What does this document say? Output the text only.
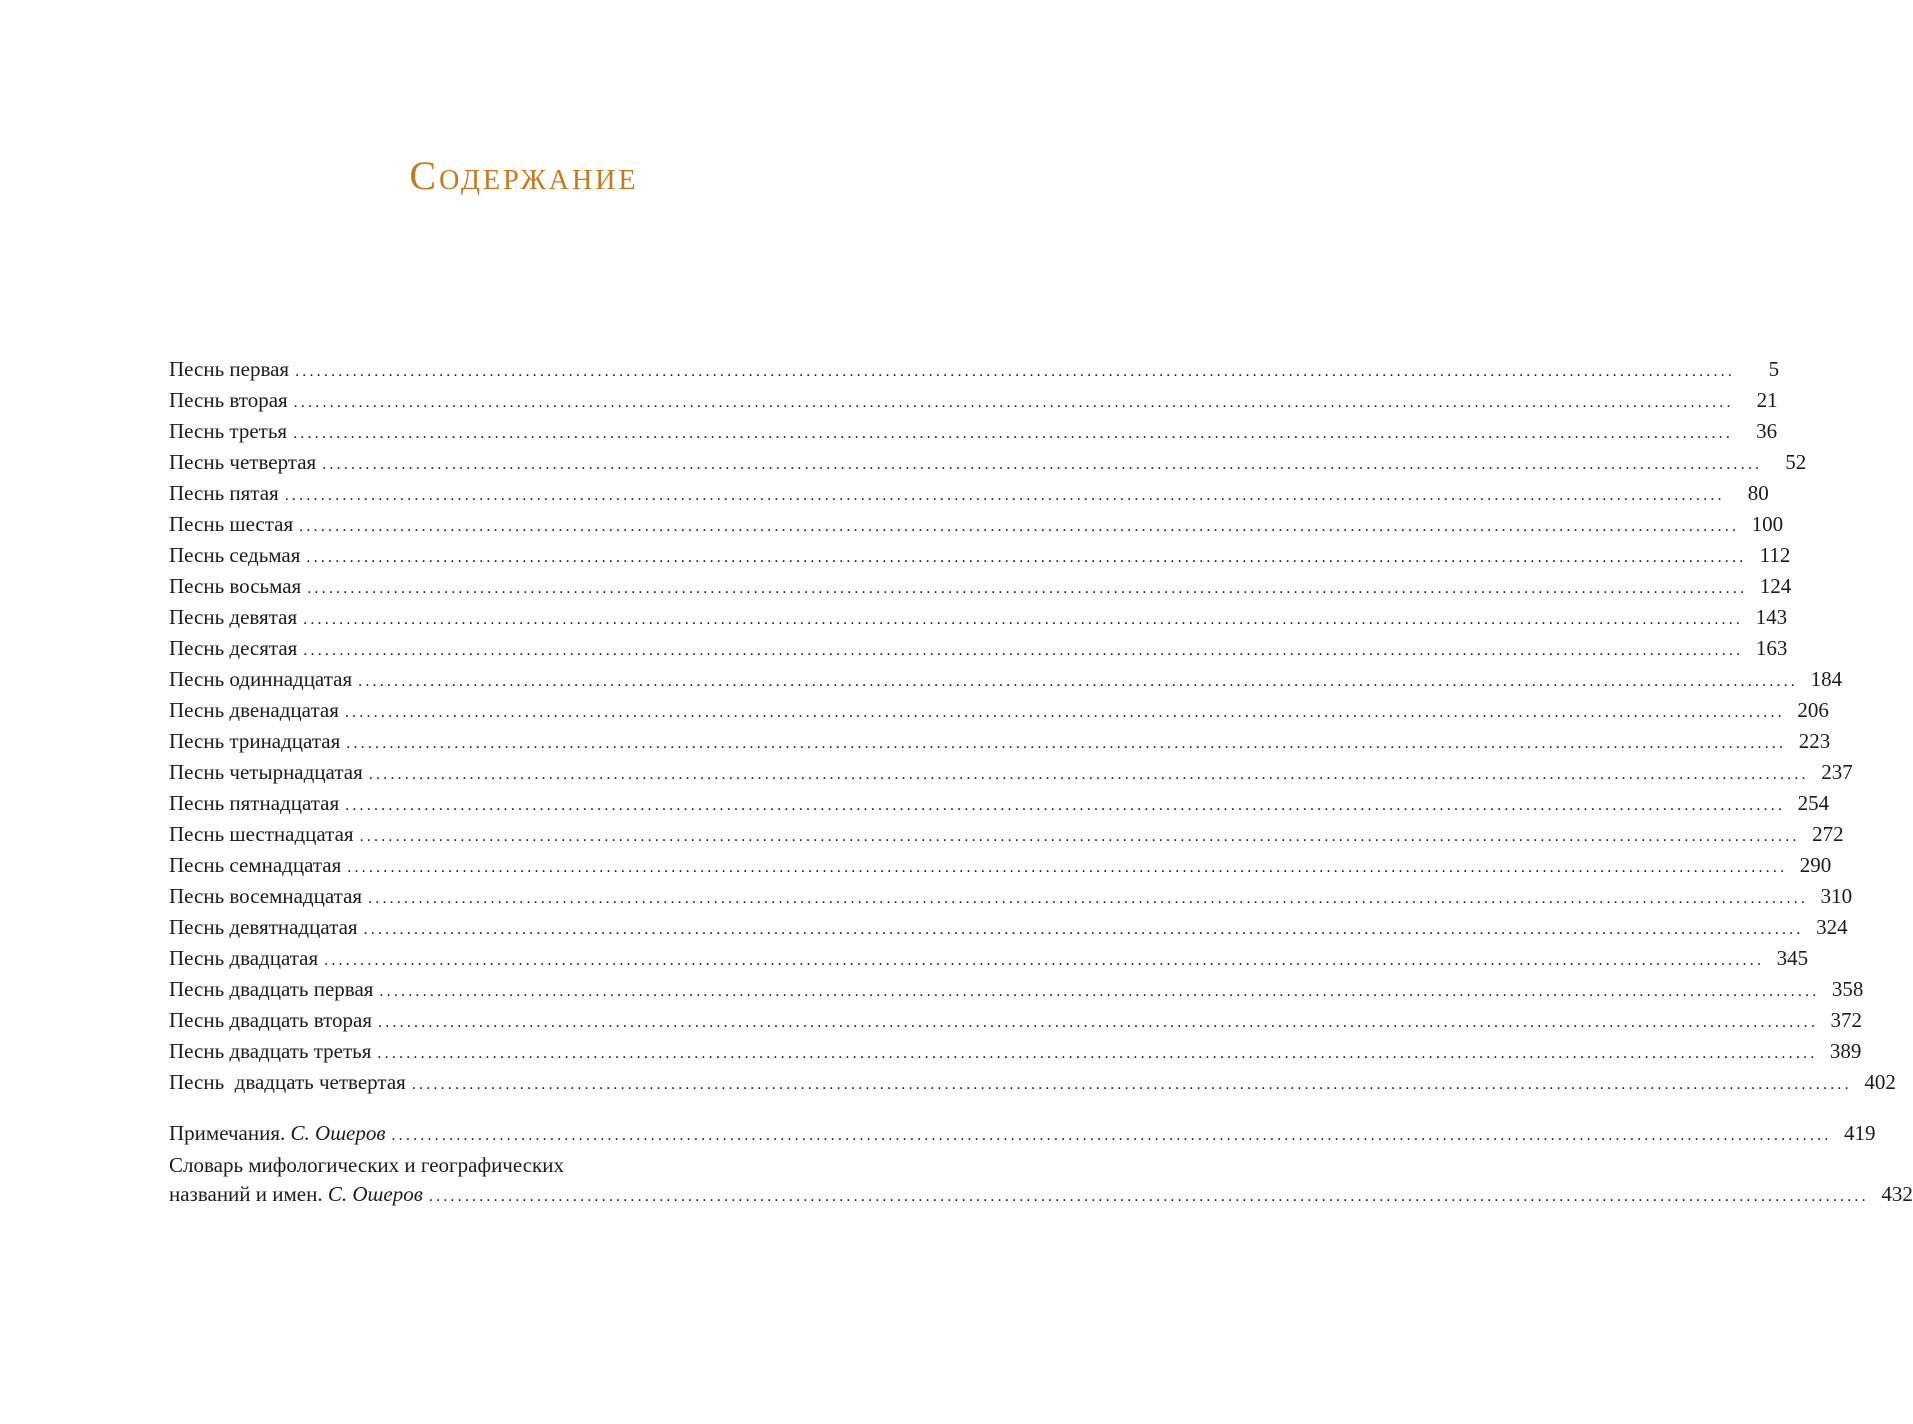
Содержание
Песнь первая ........................................................................................................................................................................................................	5
Песнь вторая ........................................................................................................................................................................................................	21
Песнь третья ........................................................................................................................................................................................................	36
Песнь четвертая ........................................................................................................................................................................................................	52
Песнь пятая ........................................................................................................................................................................................................	80
Песнь шестая ........................................................................................................................................................................................................ 100
Песнь седьмая ........................................................................................................................................................................................................ 112
Песнь восьмая ........................................................................................................................................................................................................ 124
Песнь девятая ........................................................................................................................................................................................................ 143
Песнь десятая ........................................................................................................................................................................................................ 163
Песнь одиннадцатая ........................................................................................................................................................................................................ 184
Песнь двенадцатая ........................................................................................................................................................................................................ 206
Песнь тринадцатая ........................................................................................................................................................................................................ 223
Песнь четырнадцатая ........................................................................................................................................................................................................ 237
Песнь пятнадцатая ........................................................................................................................................................................................................ 254
Песнь шестнадцатая ........................................................................................................................................................................................................ 272
Песнь семнадцатая ........................................................................................................................................................................................................ 290
Песнь восемнадцатая ........................................................................................................................................................................................................ 310
Песнь девятнадцатая ........................................................................................................................................................................................................ 324
Песнь двадцатая ........................................................................................................................................................................................................ 345
Песнь двадцать первая ........................................................................................................................................................................................................ 358
Песнь двадцать вторая ........................................................................................................................................................................................................ 372
Песнь двадцать третья ........................................................................................................................................................................................................ 389
Песнь  двадцать четвертая ........................................................................................................................................................................................................ 402
Примечания. С. Ошеров ........................................................................................................................................................................................................ 419
Словарь мифологических и географических
названий и имен. С. Ошеров ........................................................................................................................................................................................................ 432
